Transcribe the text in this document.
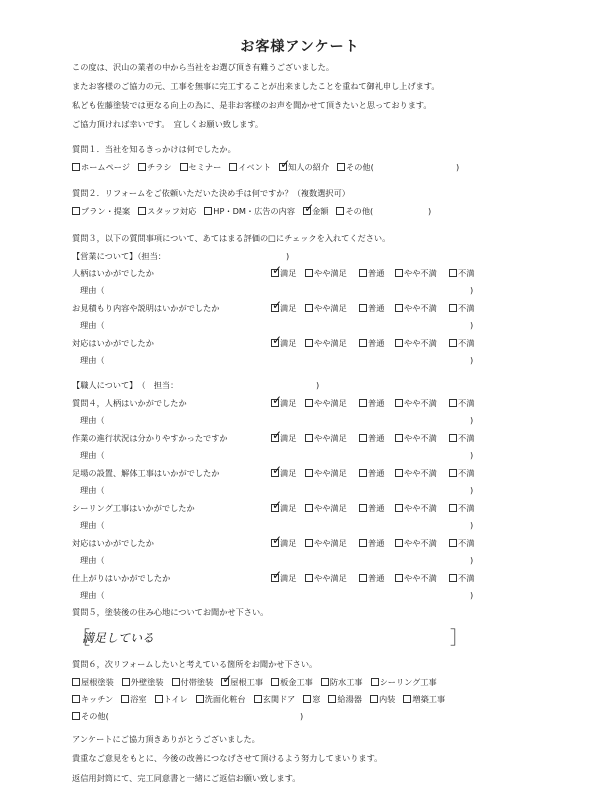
お客様アンケート
この度は、沢山の業者の中から当社をお選び頂き有難うございました。
またお客様のご協力の元、工事を無事に完工することが出来ましたことを重ねて御礼申し上げます。
私ども佐藤塗装では更なる向上の為に、是非お客様のお声を聞かせて頂きたいと思っております。
ご協力頂ければ幸いです。　宜しくお願い致します。
質問１．当社を知るきっかけは何でしたか。
ホームページ チラシ セミナー イベント ✓ 知人の紹介 その他(	)
質問２．リフォームをご依頼いただいた決め手は何ですか？（複数選択可）
プラン・提案 スタッフ対応 HP・DM・広告の内容 ✓ 金額 その他(	)
質問３，以下の質問事項について、あてはまる評価の□にチェックを入れてください。
【営業について】（担当：	)
人柄はいかがでしたか ✓	満足	やや満足	普通	やや不満	不満
理由（	)
お見積もり内容や説明はいかがでしたか ✓	満足	やや満足	普通	やや不満	不満
理由（	)
対応はいかがでしたか ✓	満足	やや満足	普通	やや不満	不満
理由（	)
【職人について】　（　担当：	)
質問４，人柄はいかがでしたか ✓	満足	やや満足	普通	やや不満	不満
理由（	)
作業の進行状況は分かりやすかったですか ✓	満足	やや満足	普通	やや不満	不満
理由（	)
足場の設置、解体工事はいかがでしたか ✓	満足	やや満足	普通	やや不満	不満
理由（	)
シーリング工事はいかがでしたか ✓	満足	やや満足	普通	やや不満	不満
理由（	)
対応はいかがでしたか ✓	満足	やや満足	普通	やや不満	不満
理由（	)
仕上がりはいかがでしたか ✓	満足	やや満足	普通	やや不満	不満
理由（	)
質問５，塗装後の住み心地についてお聞かせ下さい。
［
満足している	］
質問６，次リフォームしたいと考えている箇所をお聞かせ下さい。
屋根塗装 外壁塗装 付帯塗装 ✓ 屋根工事 板金工事 防水工事 シーリング工事
キッチン 浴室 トイレ 洗面化粧台 玄関ドア 窓 給湯器 内装 増築工事
その他(	)
アンケートにご協力頂きありがとうございました。
貴重なご意見をもとに、今後の改善につなげさせて頂けるよう努力してまいります。
返信用封筒にて、完工同意書と一緒にご返信お願い致します。
